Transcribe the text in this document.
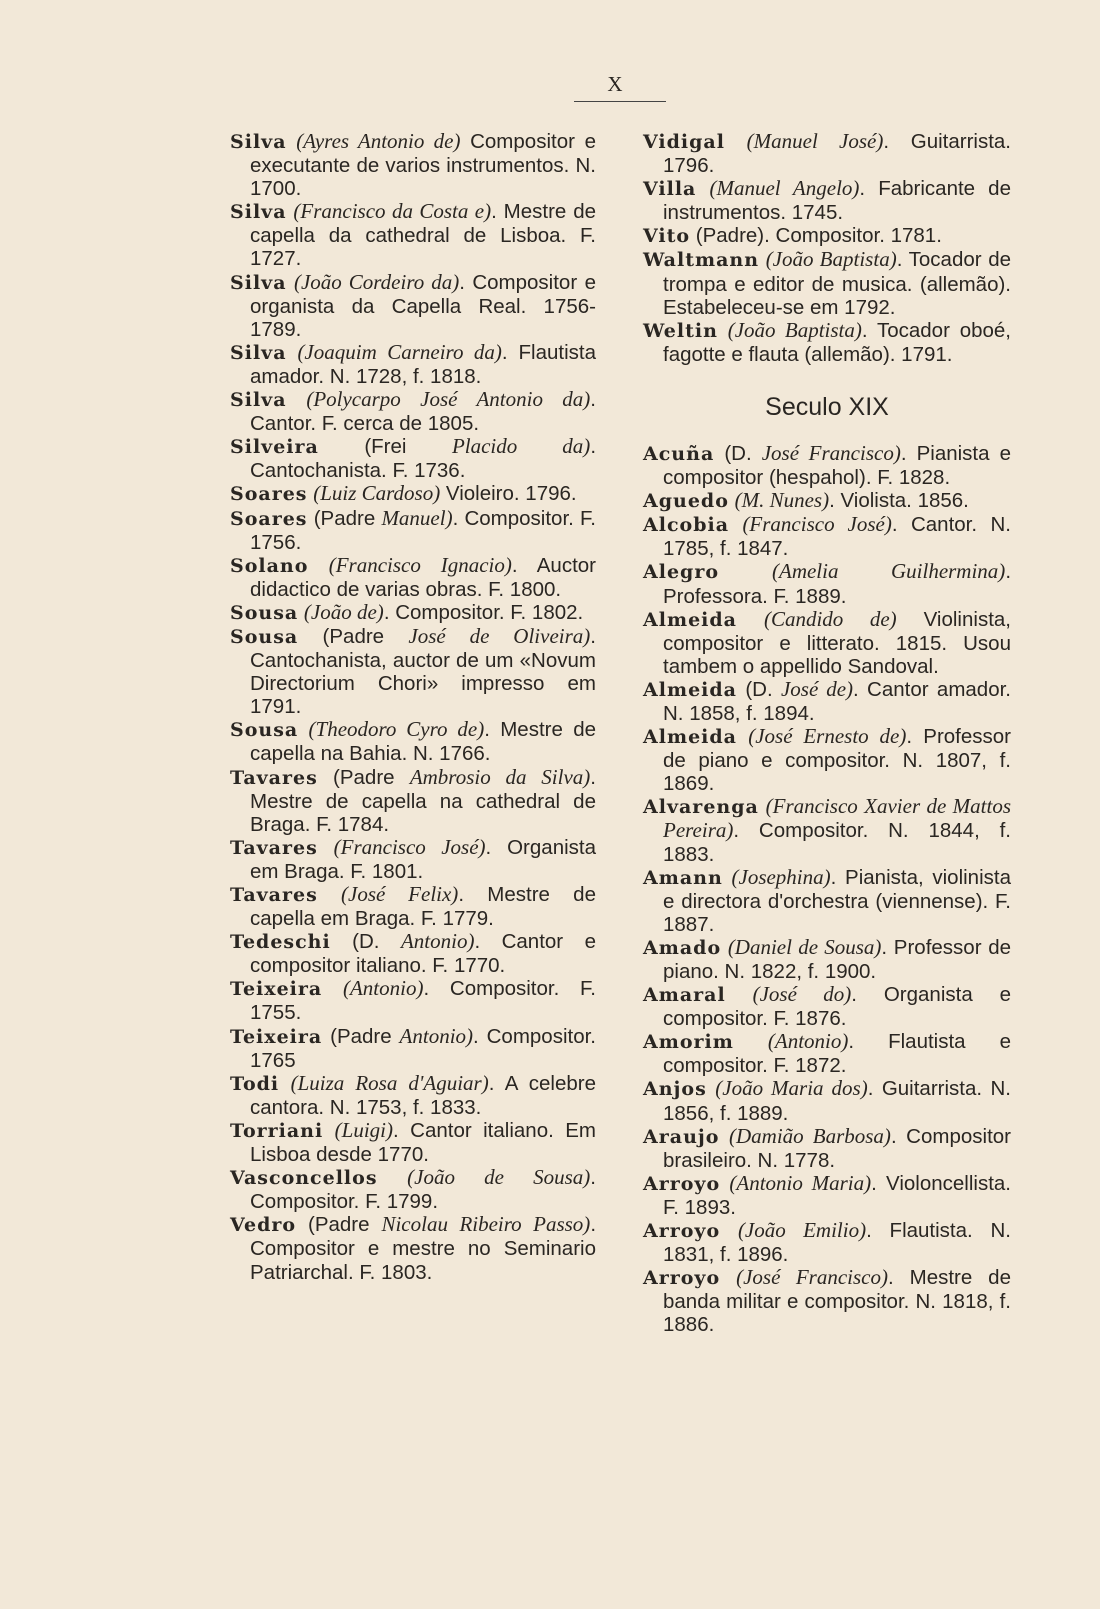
X

Silva (Ayres Antonio de) Compositor e executante de varios instrumentos. N. 1700.

Silva (Francisco da Costa e). Mestre de capella da cathedral de Lisboa. F. 1727.

Silva (João Cordeiro da). Compositor e organista da Capella Real. 1756-1789.

Silva (Joaquim Carneiro da). Flautista amador. N. 1728, f. 1818.

Silva (Polycarpo José Antonio da). Cantor. F. cerca de 1805.

Silveira (Frei Placido da). Cantochanista. F. 1736.

Soares (Luiz Cardoso) Violeiro. 1796.

Soares (Padre Manuel). Compositor. F. 1756.

Solano (Francisco Ignacio). Auctor didactico de varias obras. F. 1800.

Sousa (João de). Compositor. F. 1802.

Sousa (Padre José de Oliveira). Cantochanista, auctor de um «Novum Directorium Chori» impresso em 1791.

Sousa (Theodoro Cyro de). Mestre de capella na Bahia. N. 1766.

Tavares (Padre Ambrosio da Silva). Mestre de capella na cathedral de Braga. F. 1784.

Tavares (Francisco José). Organista em Braga. F. 1801.

Tavares (José Felix). Mestre de capella em Braga. F. 1779.

Tedeschi (D. Antonio). Cantor e compositor italiano. F. 1770.

Teixeira (Antonio). Compositor. F. 1755.

Teixeira (Padre Antonio). Compositor. 1765

Todi (Luiza Rosa d'Aguiar). A celebre cantora. N. 1753, f. 1833.

Torriani (Luigi). Cantor italiano. Em Lisboa desde 1770.

Vasconcellos (João de Sousa). Compositor. F. 1799.

Vedro (Padre Nicolau Ribeiro Passo). Compositor e mestre no Seminario Patriarchal. F. 1803.

Vidigal (Manuel José). Guitarrista. 1796.

Villa (Manuel Angelo). Fabricante de instrumentos. 1745.

Vito (Padre). Compositor. 1781.

Waltmann (João Baptista). Tocador de trompa e editor de musica. (allemão). Estabeleceu-se em 1792.

Weltin (João Baptista). Tocador oboé, fagotte e flauta (allemão). 1791.

Seculo XIX

Acuña (D. José Francisco). Pianista e compositor (hespahol). F. 1828.

Aguedo (M. Nunes). Violista. 1856.

Alcobia (Francisco José). Cantor. N. 1785, f. 1847.

Alegro	(Amelia Guilhermina). Professora. F. 1889.

Almeida (Candido de) Violinista, compositor e litterato. 1815. Usou tambem o appellido Sandoval.

Almeida (D. José de). Cantor amador. N. 1858, f. 1894.

Almeida (José Ernesto de). Professor de piano e compositor. N. 1807, f. 1869.

Alvarenga (Francisco Xavier de Mattos Pereira). Compositor. N. 1844, f. 1883.

Amann (Josephina). Pianista, violinista e directora d'orchestra (viennense). F. 1887.

Amado (Daniel de Sousa). Professor de piano. N. 1822, f. 1900.

Amaral (José do). Organista e compositor. F. 1876.

Amorim (Antonio). Flautista e compositor. F. 1872.

Anjos (João Maria dos). Guitarrista. N. 1856, f. 1889.

Araujo (Damião Barbosa). Compositor brasileiro. N. 1778.

Arroyo (Antonio Maria). Violoncellista. F. 1893.

Arroyo (João Emilio). Flautista. N. 1831, f. 1896.

Arroyo (José Francisco). Mestre de banda militar e compositor. N. 1818, f. 1886.
